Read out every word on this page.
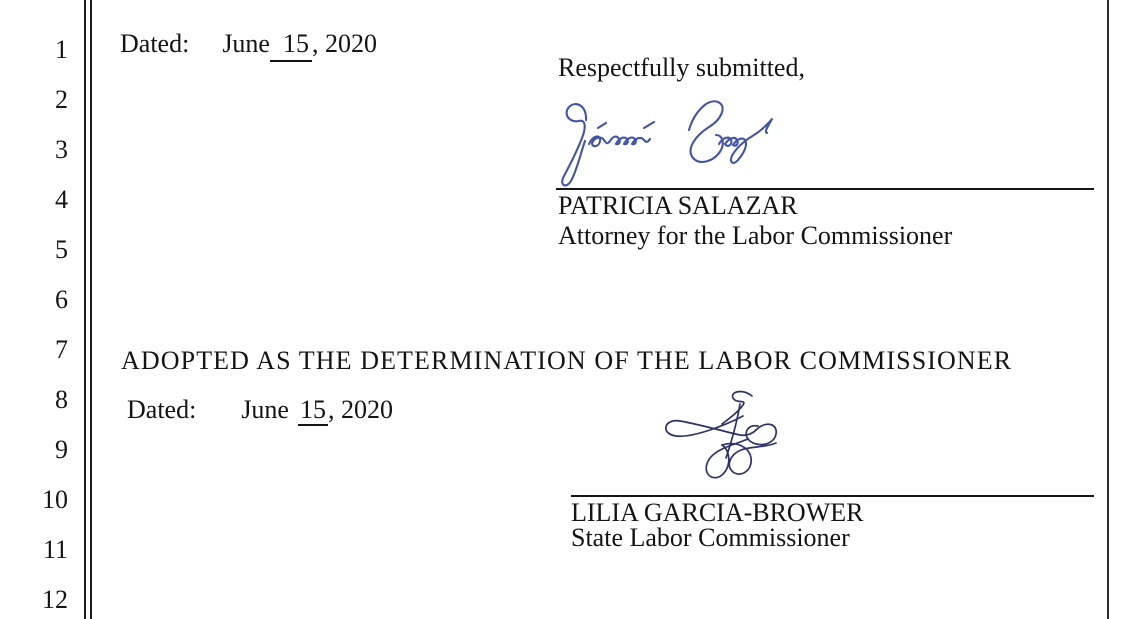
1
2
3
4
5
6
7
8
9
10
11
12
Dated: June 15 , 2020
Respectfully submitted,
PATRICIA SALAZAR
Attorney for the Labor Commissioner
ADOPTED AS THE DETERMINATION OF THE LABOR COMMISSIONER
Dated: June 15, 2020
LILIA GARCIA-BROWER
State Labor Commissioner
